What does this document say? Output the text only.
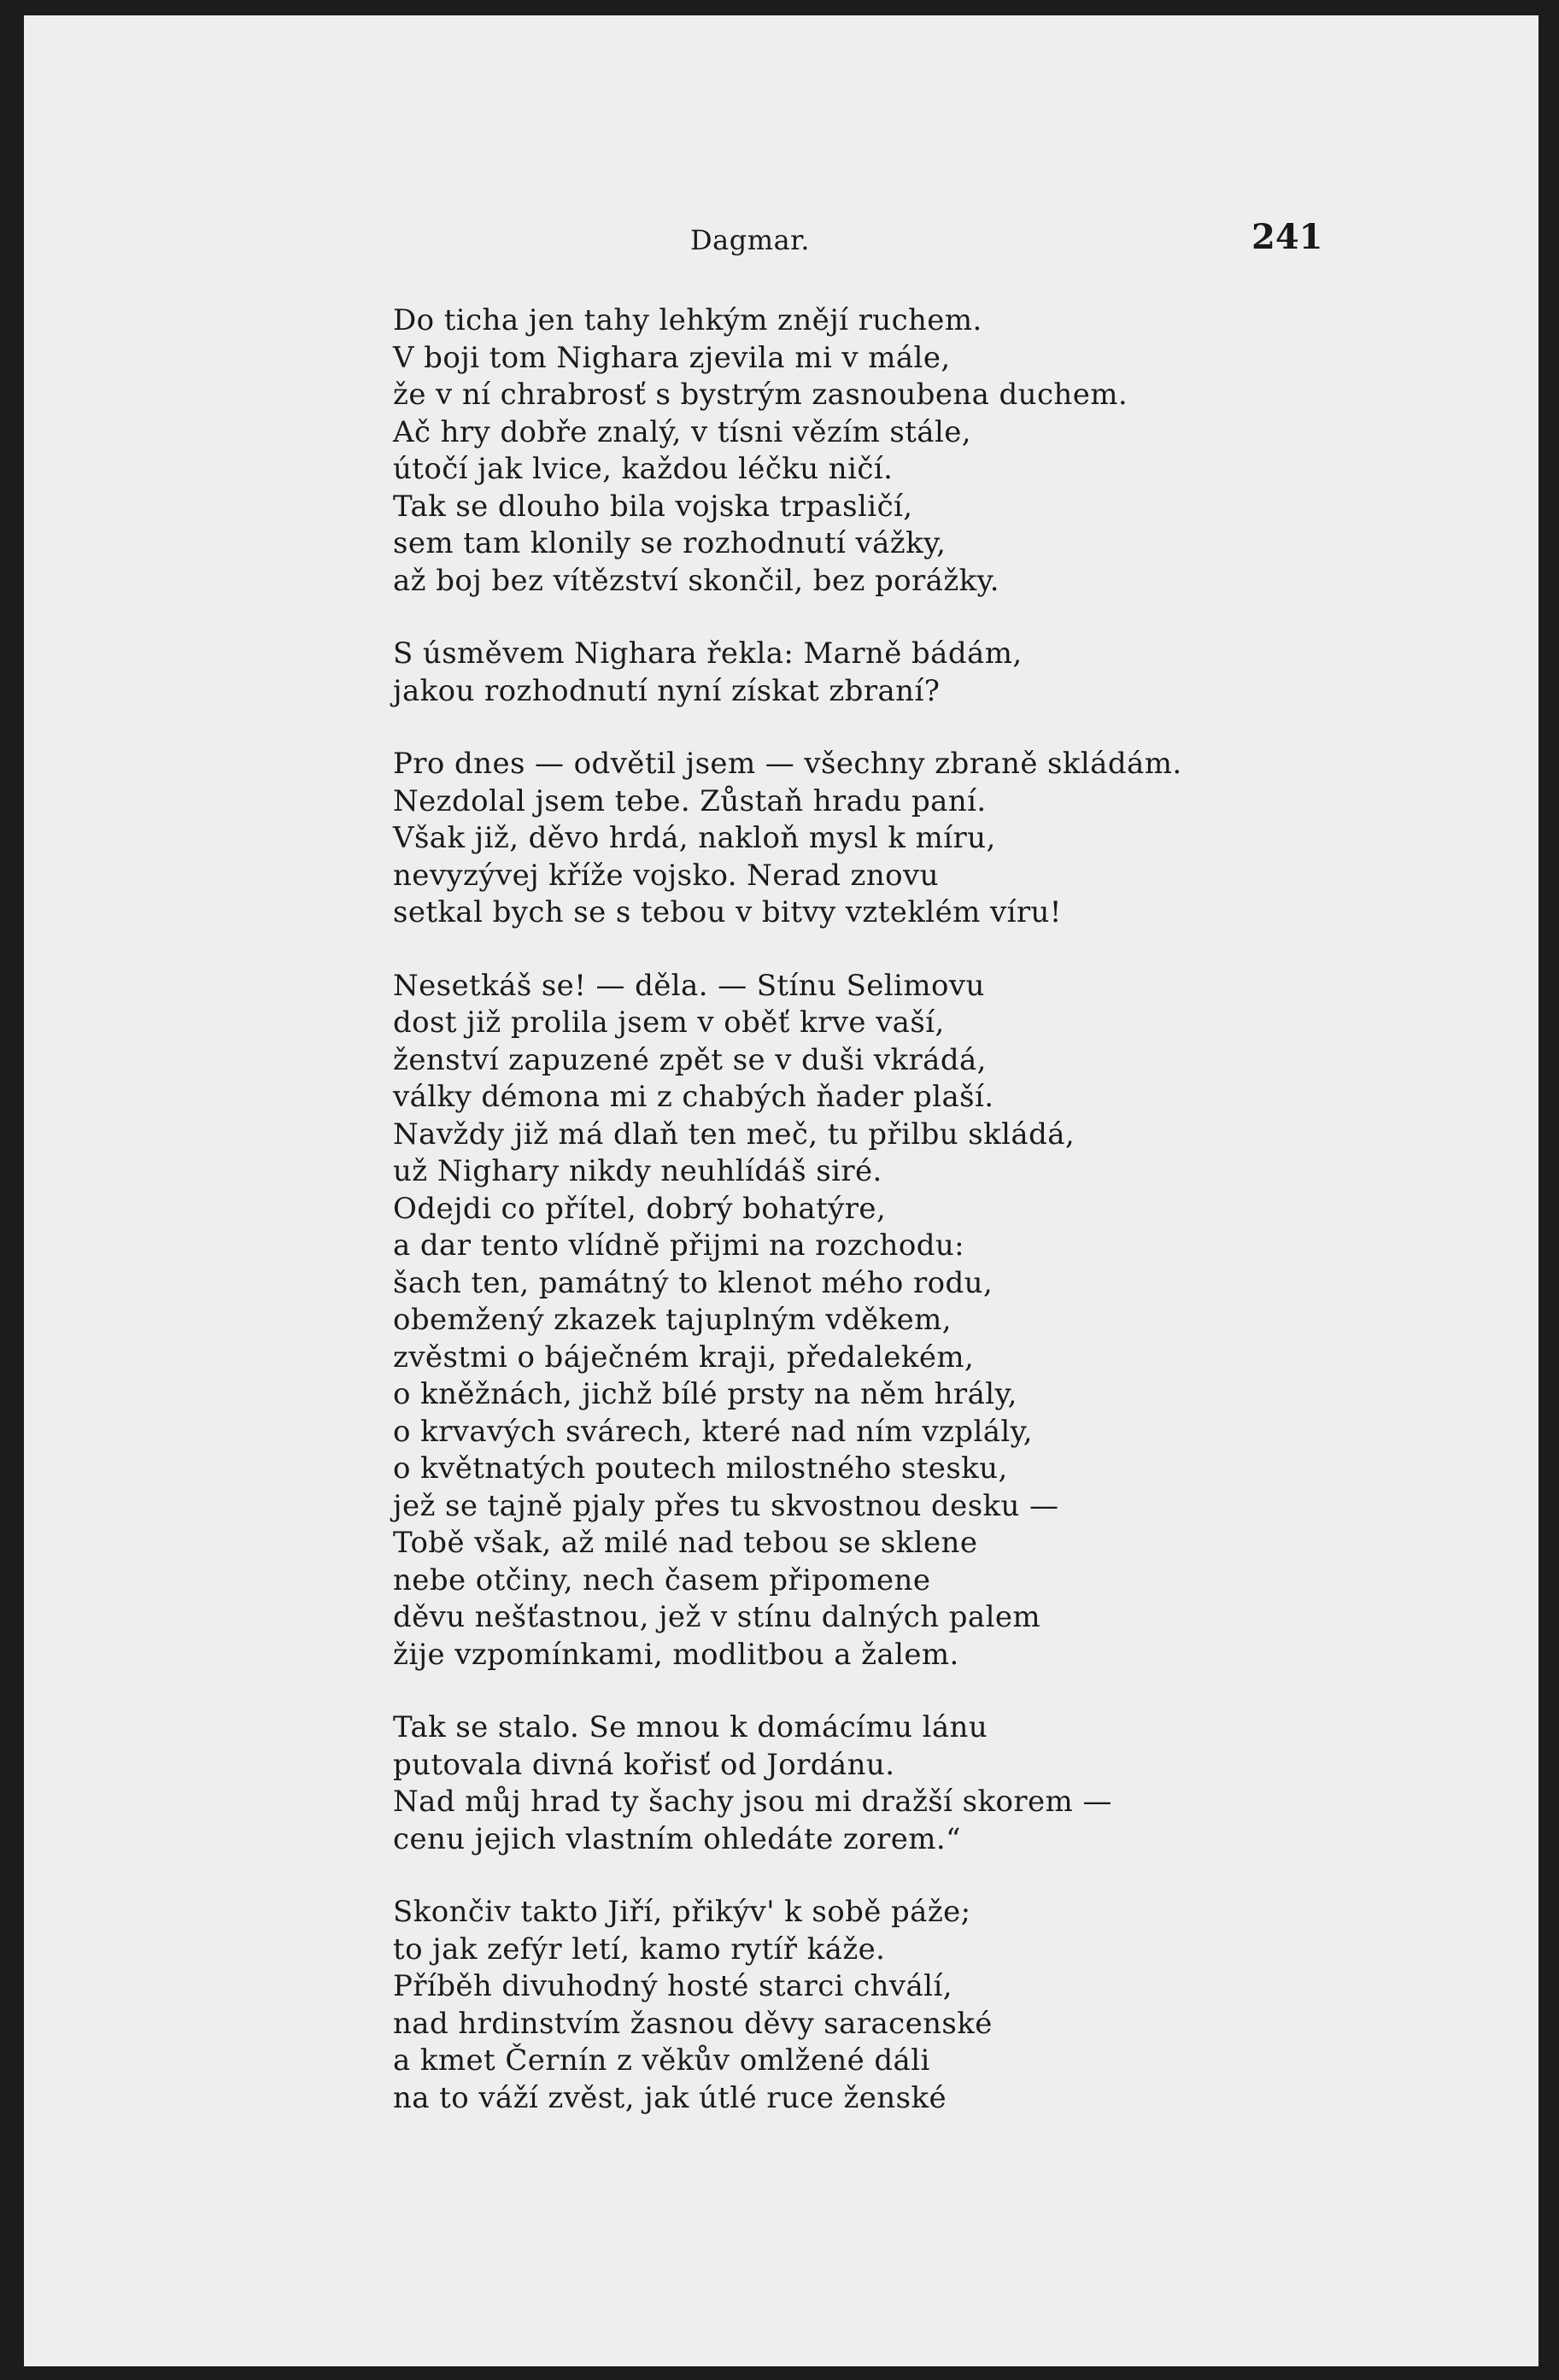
Dagmar.	241
Do ticha jen tahy lehkým znějí ruchem.
V boji tom Nighara zjevila mi v mále,
že v ní chrabrosť s bystrým zasnoubena duchem.
Ač hry dobře znalý, v tísni vězím stále,
útočí jak lvice, každou léčku ničí.
Tak se dlouho bila vojska trpasličí,
sem tam klonily se rozhodnutí vážky,
až boj bez vítězství skončil, bez porážky.
S úsměvem Nighara řekla: Marně bádám,
jakou rozhodnutí nyní získat zbraní?
Pro dnes — odvětil jsem — všechny zbraně skládám.
Nezdolal jsem tebe. Zůstaň hradu paní.
Však již, děvo hrdá, nakloň mysl k míru,
nevyzývej kříže vojsko. Nerad znovu
setkal bych se s tebou v bitvy vzteklém víru!
Nesetkáš se! — děla. — Stínu Selimovu
dost již prolila jsem v oběť krve vaší,
ženství zapuzené zpět se v duši vkrádá,
války démona mi z chabých ňader plaší.
Navždy již má dlaň ten meč, tu přilbu skládá,
už Nighary nikdy neuhlídáš siré.
Odejdi co přítel, dobrý bohatýre,
a dar tento vlídně přijmi na rozchodu:
šach ten, památný to klenot mého rodu,
obemžený zkazek tajuplným vděkem,
zvěstmi o báječném kraji, předalekém,
o kněžnách, jichž bílé prsty na něm hrály,
o krvavých svárech, které nad ním vzplály,
o květnatých poutech milostného stesku,
jež se tajně pjaly přes tu skvostnou desku —
Tobě však, až milé nad tebou se sklene
nebe otčiny, nech časem připomene
děvu nešťastnou, jež v stínu dalných palem
žije vzpomínkami, modlitbou a žalem.
Tak se stalo. Se mnou k domácímu lánu
putovala divná kořisť od Jordánu.
Nad můj hrad ty šachy jsou mi dražší skorem —
cenu jejich vlastním ohledáte zorem.“
Skončiv takto Jiří, přikýv' k sobě páže;
to jak zefýr letí, kamo rytíř káže.
Příběh divuhodný hosté starci chválí,
nad hrdinstvím žasnou děvy saracenské
a kmet Černín z věkův omlžené dáli
na to váží zvěst, jak útlé ruce ženské
